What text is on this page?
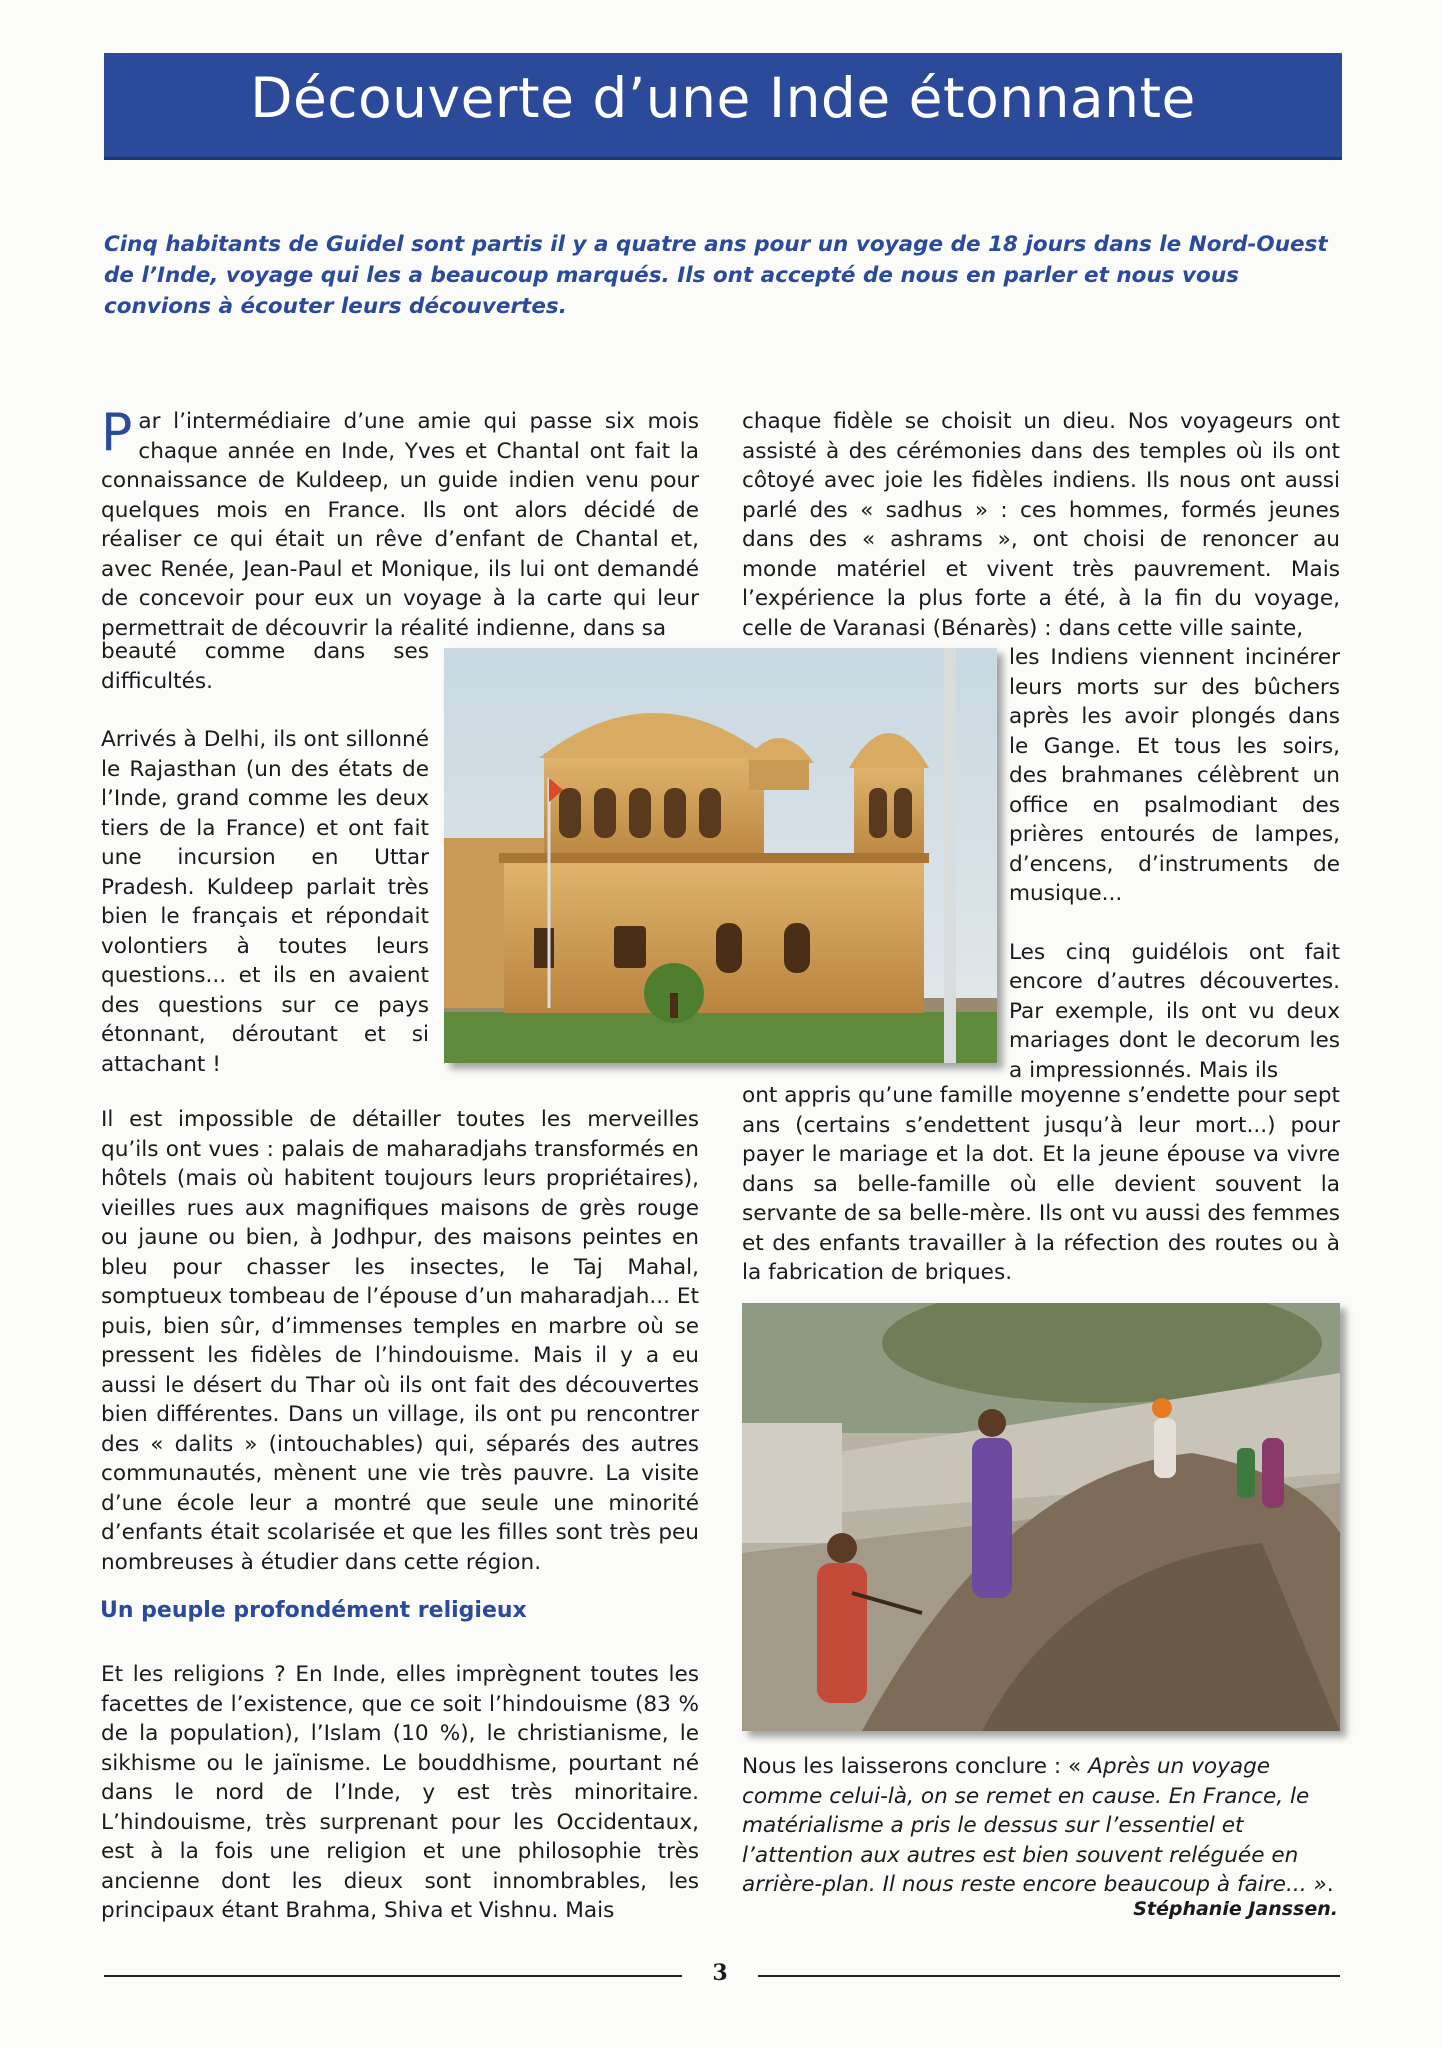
Découverte d’une Inde étonnante
Cinq habitants de Guidel sont partis il y a quatre ans pour un voyage de 18 jours dans le Nord-Ouest de l’Inde, voyage qui les a beaucoup marqués. Ils ont accepté de nous en parler et nous vous convions à écouter leurs découvertes.

Par l’intermédiaire d’une amie qui passe six mois chaque année en Inde, Yves et Chantal ont fait la connaissance de Kuldeep, un guide indien venu pour quelques mois en France. Ils ont alors décidé de réaliser ce qui était un rêve d’enfant de Chantal et, avec Renée, Jean-Paul et Monique, ils lui ont demandé de concevoir pour eux un voyage à la carte qui leur permettrait de découvrir la réalité indienne, dans sa

beauté comme dans ses difficultés.

Arrivés à Delhi, ils ont sillonné le Rajasthan (un des états de l’Inde, grand comme les deux tiers de la France) et ont fait une incursion en Uttar Pradesh. Kuldeep parlait très bien le français et répondait volontiers à toutes leurs questions... et ils en avaient des questions sur ce pays étonnant, déroutant et si attachant !

Il est impossible de détailler toutes les merveilles qu’ils ont vues : palais de maharadjahs transformés en hôtels (mais où habitent toujours leurs propriétaires), vieilles rues aux magnifiques maisons de grès rouge ou jaune ou bien, à Jodhpur, des maisons peintes en bleu pour chasser les insectes, le Taj Mahal, somptueux tombeau de l’épouse d’un maharadjah... Et puis, bien sûr, d’immenses temples en marbre où se pressent les fidèles de l’hindouisme. Mais il y a eu aussi le désert du Thar où ils ont fait des découvertes bien différentes. Dans un village, ils ont pu rencontrer des « dalits » (intouchables) qui, séparés des autres communautés, mènent une vie très pauvre. La visite d’une école leur a montré que seule une minorité d’enfants était scolarisée et que les filles sont très peu nombreuses à étudier dans cette région.

Un peuple profondément religieux

Et les religions ? En Inde, elles imprègnent toutes les facettes de l’existence, que ce soit l’hindouisme (83 % de la population), l’Islam (10 %), le christianisme, le sikhisme ou le jaïnisme. Le bouddhisme, pourtant né dans le nord de l’Inde, y est très minoritaire. L’hindouisme, très surprenant pour les Occidentaux, est à la fois une religion et une philosophie très ancienne dont les dieux sont innombrables, les principaux étant Brahma, Shiva et Vishnu. Mais

chaque fidèle se choisit un dieu. Nos voyageurs ont assisté à des cérémonies dans des temples où ils ont côtoyé avec joie les fidèles indiens. Ils nous ont aussi parlé des « sadhus » : ces hommes, formés jeunes dans des « ashrams », ont choisi de renoncer au monde matériel et vivent très pauvrement. Mais l’expérience la plus forte a été, à la fin du voyage, celle de Varanasi (Bénarès) : dans cette ville sainte,

les Indiens viennent incinérer leurs morts sur des bûchers après les avoir plongés dans le Gange. Et tous les soirs, des brahmanes célèbrent un office en psalmodiant des prières entourés de lampes, d’encens, d’instruments de musique...

Les cinq guidélois ont fait encore d’autres découvertes. Par exemple, ils ont vu deux mariages dont le decorum les a impressionnés. Mais ils

ont appris qu’une famille moyenne s’endette pour sept ans (certains s’endettent jusqu’à leur mort...) pour payer le mariage et la dot. Et la jeune épouse va vivre dans sa belle-famille où elle devient souvent la servante de sa belle-mère. Ils ont vu aussi des femmes et des enfants travailler à la réfection des routes ou à la fabrication de briques.

Nous les laisserons conclure : « Après un voyage comme celui-là, on se remet en cause. En France, le matérialisme a pris le dessus sur l’essentiel et l’attention aux autres est bien souvent reléguée en arrière-plan. Il nous reste encore beaucoup à faire... ».

Stéphanie Janssen.
3
